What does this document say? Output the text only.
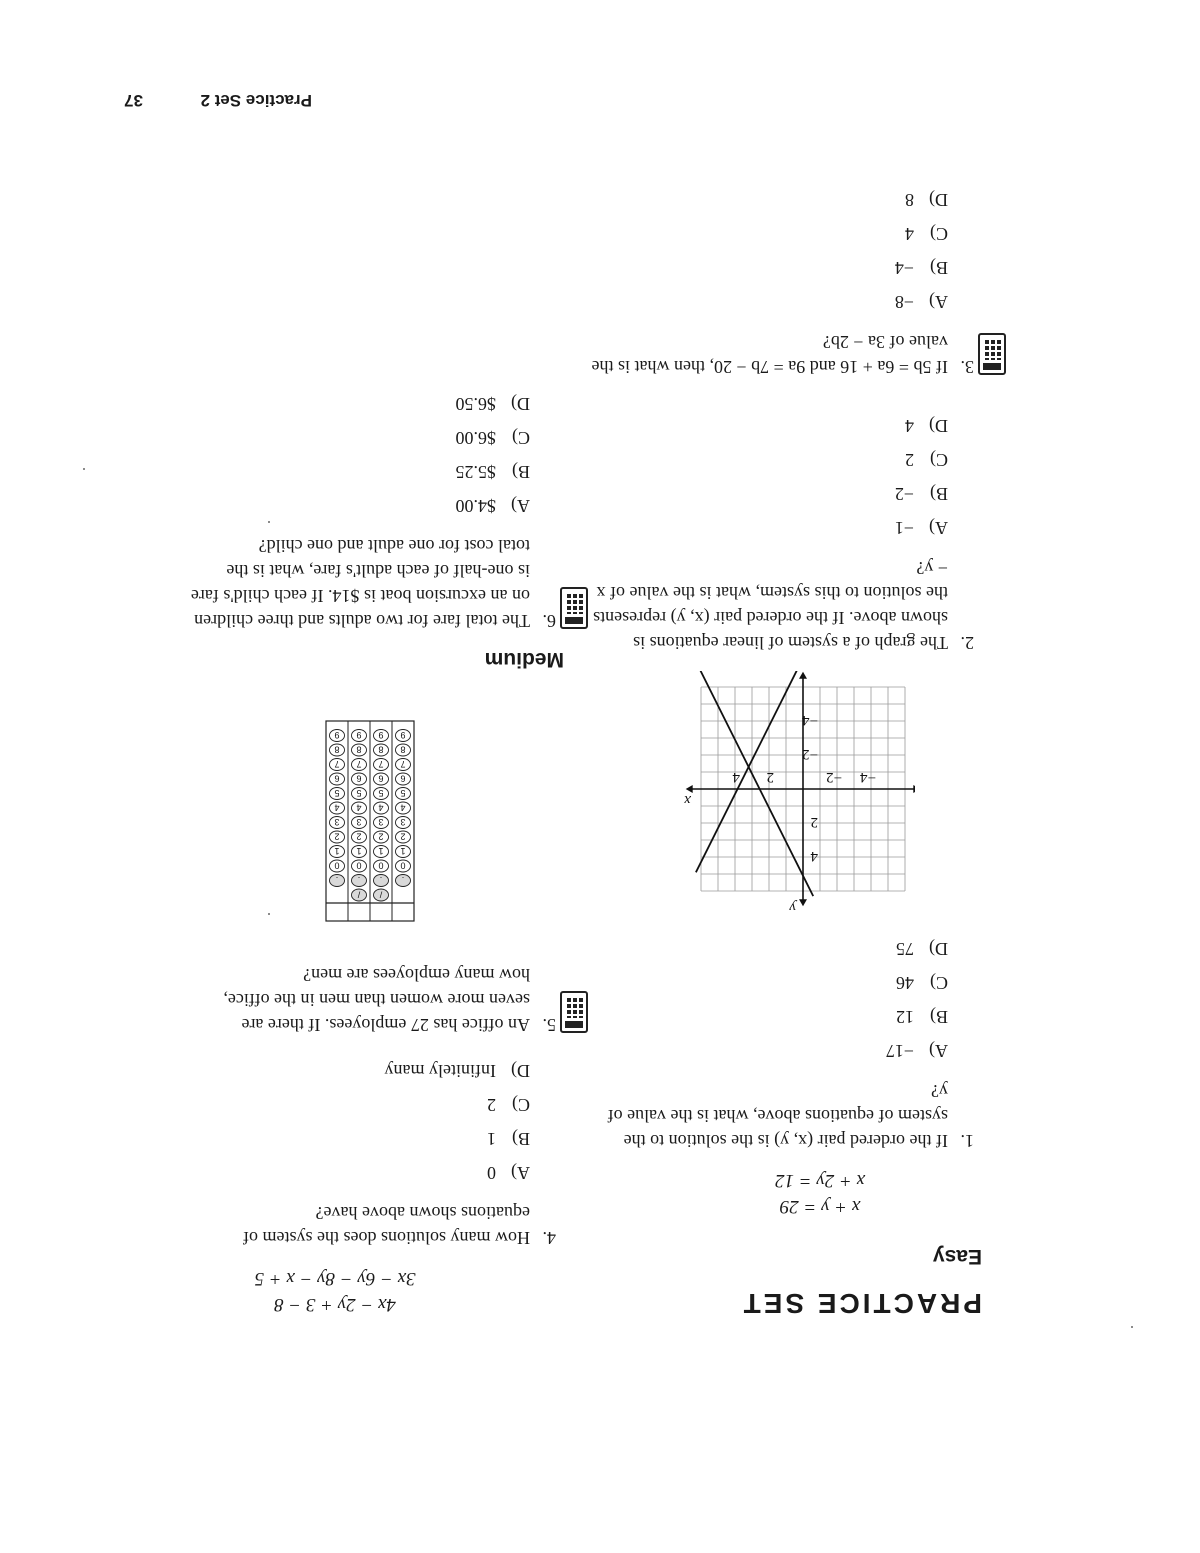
Practice Set 2  37
PRACTICE SET
Easy
x + y = 29
x + 2y = 12
1.
If the ordered pair (x, y) is the solution to the system of equations above, what is the value of y?
A)−17
B)12
C)46
D)75
2
4	−2 −4
2
4
−2
−4
x
y
2.
The graph of a system of linear equations is shown above. If the ordered pair (x, y) represents the solution to this system, what is the value of x − y?
A)−1
B)−2
C)2
D)4
3.
If 5b = 6a + 16 and 9a = 7b − 20, then what is the value of 3a − 2b?
A)−8
B)−4
C)4
D)8
4x − 2y + 3 − 8
3x − 6y − 8y − x + 5
4.
How many solutions does the system of equations shown above have?
A)0
B)1
C)2
D)Infinitely many
5.
An office has 27 employees. If there are seven more women than men in the office, how many employees are men?
/
/
.
.
.
.
0
0
0
0
1
1
1
1
2
2
2
2
3
3
3
3
4
4
4
4
5
5
5
5
6
6
6
6
7
7
7
7
8
8
8
8
9
9
9
9
Medium
6.
The total fare for two adults and three children on an excursion boat is $14. If each child's fare is one-half of each adult's fare, what is the total cost for one adult and one child?
A)$4.00
B)$5.25
C)$6.00
D)$6.50
